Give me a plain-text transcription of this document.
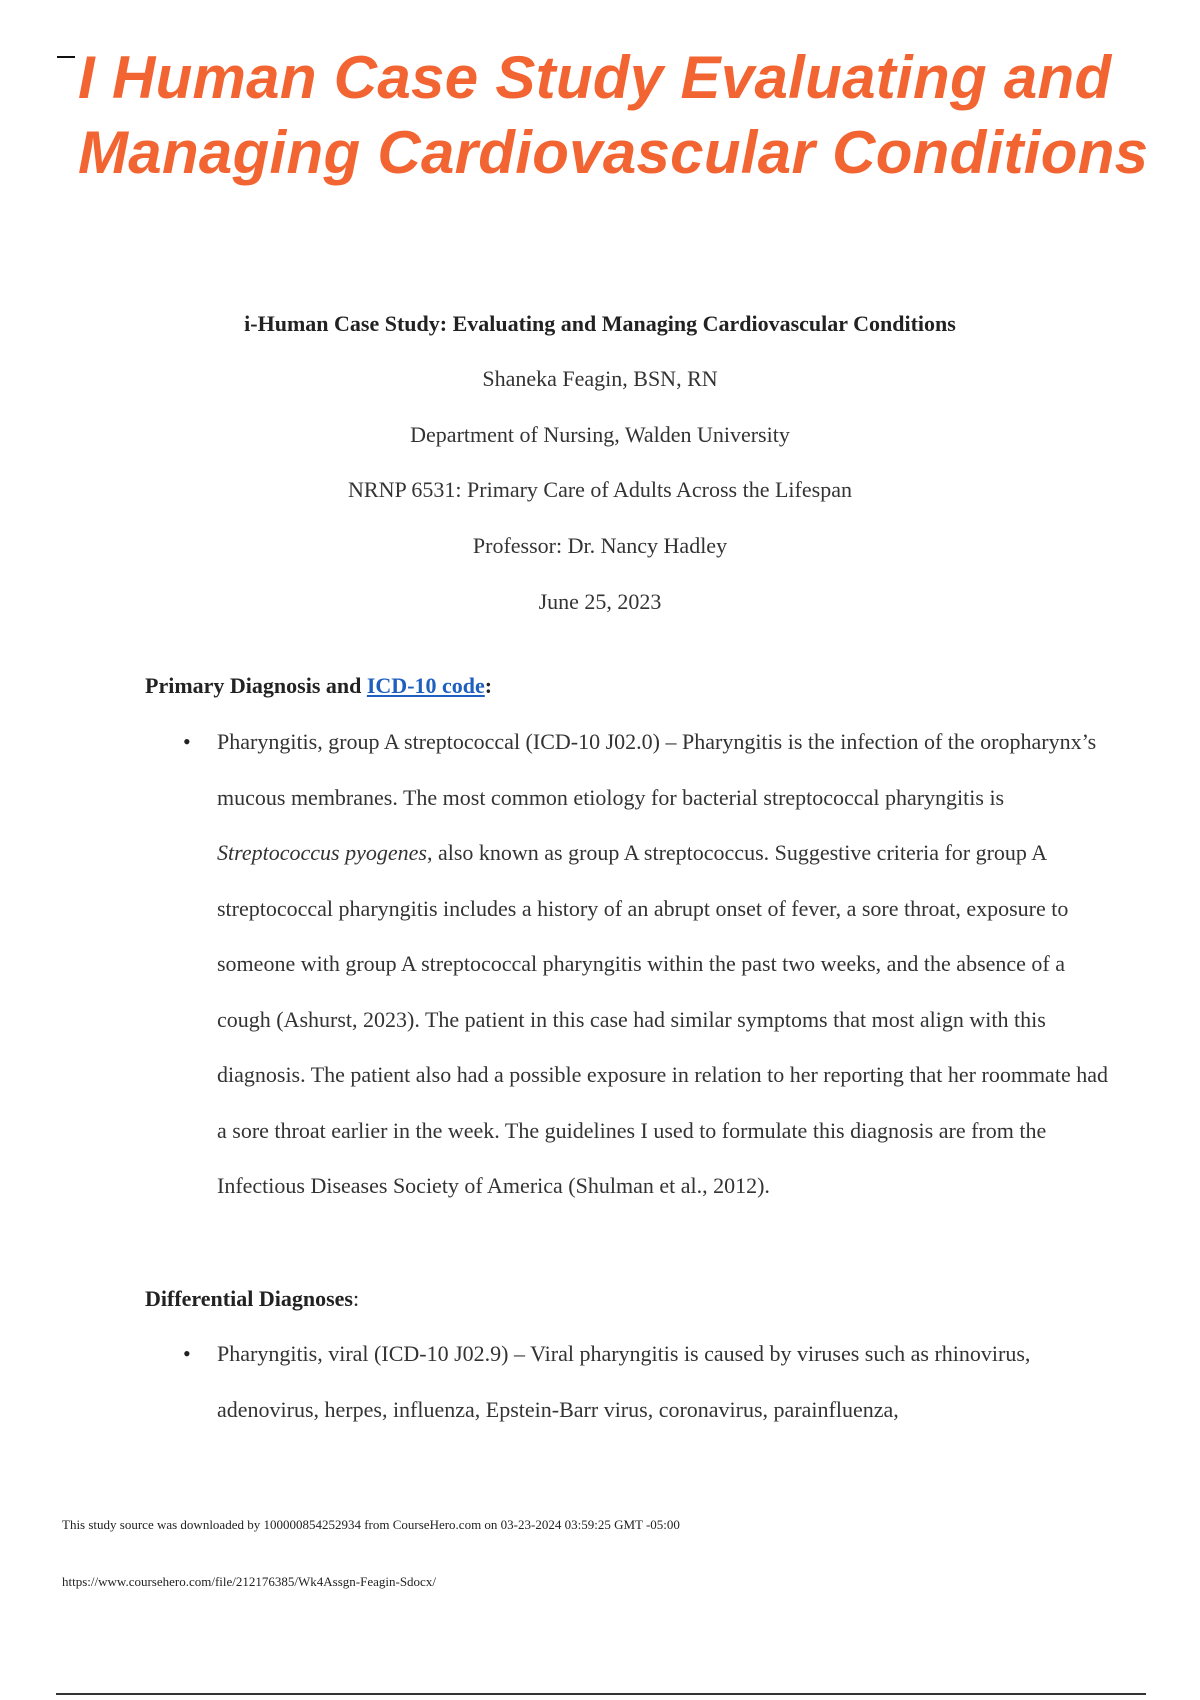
I Human Case Study Evaluating and Managing Cardiovascular Conditions
i-Human Case Study: Evaluating and Managing Cardiovascular Conditions
Shaneka Feagin, BSN, RN
Department of Nursing, Walden University
NRNP 6531: Primary Care of Adults Across the Lifespan
Professor: Dr. Nancy Hadley
June 25, 2023
Primary Diagnosis and ICD-10 code:
• Pharyngitis, group A streptococcal (ICD-10 J02.0) – Pharyngitis is the infection of the oropharynx’s mucous membranes. The most common etiology for bacterial streptococcal pharyngitis is Streptococcus pyogenes, also known as group A streptococcus. Suggestive criteria for group A streptococcal pharyngitis includes a history of an abrupt onset of fever, a sore throat, exposure to someone with group A streptococcal pharyngitis within the past two weeks, and the absence of a cough (Ashurst, 2023). The patient in this case had similar symptoms that most align with this diagnosis. The patient also had a possible exposure in relation to her reporting that her roommate had a sore throat earlier in the week. The guidelines I used to formulate this diagnosis are from the Infectious Diseases Society of America (Shulman et al., 2012).

Differential Diagnoses:
• Pharyngitis, viral (ICD-10 J02.9) – Viral pharyngitis is caused by viruses such as rhinovirus, adenovirus, herpes, influenza, Epstein-Barr virus, coronavirus, parainfluenza,

This study source was downloaded by 100000854252934 from CourseHero.com on 03-23-2024 03:59:25 GMT -05:00
https://www.coursehero.com/file/212176385/Wk4Assgn-Feagin-Sdocx/
